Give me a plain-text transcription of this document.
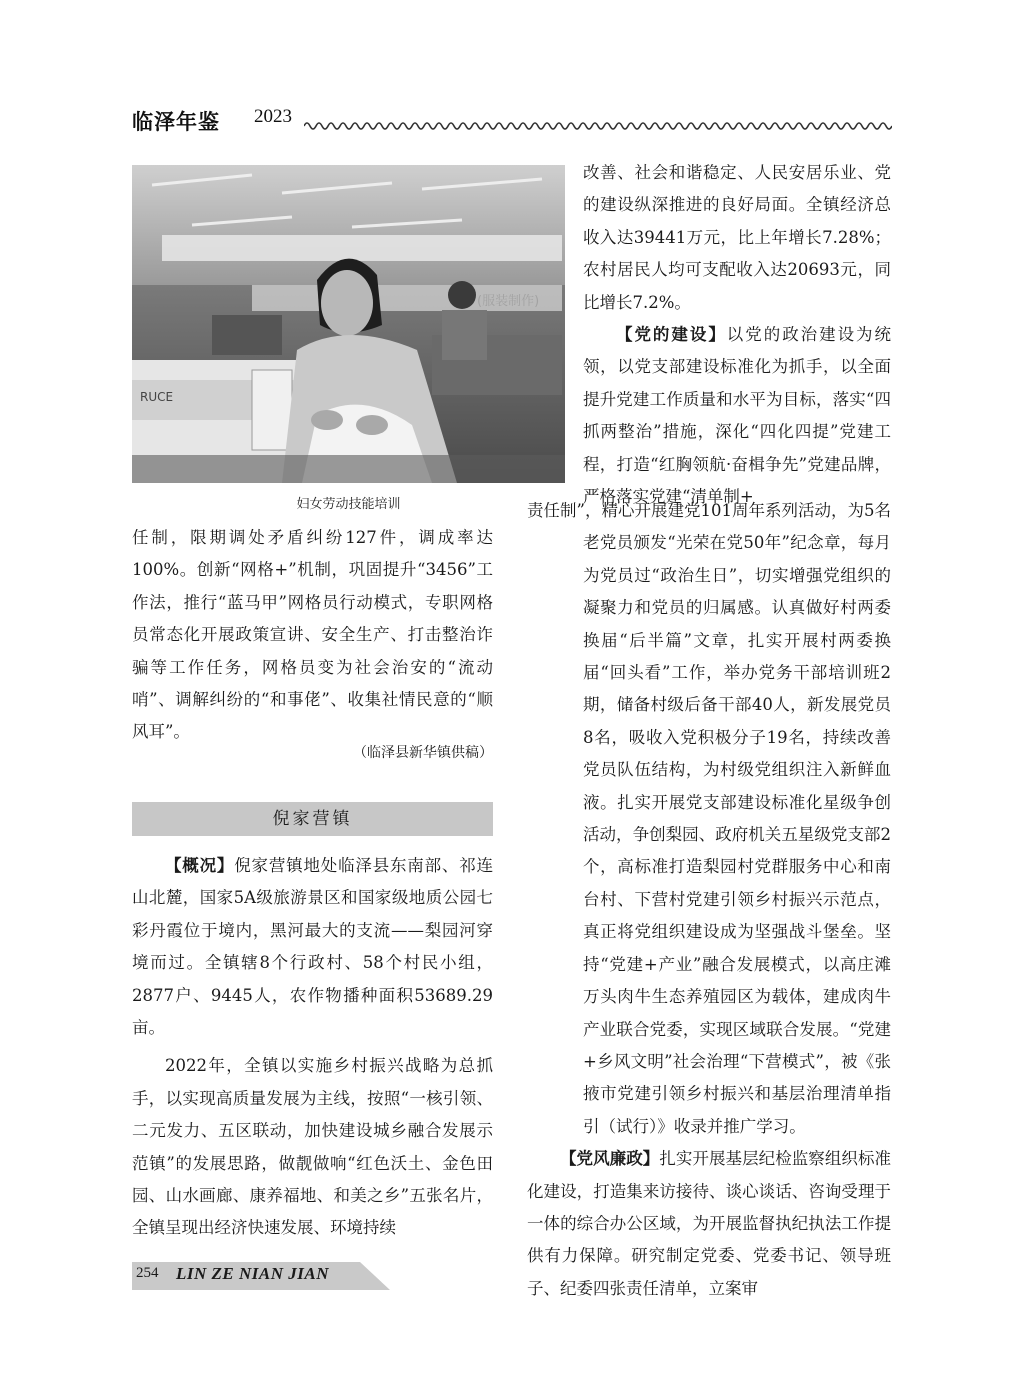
临泽年鉴 2023
RUCE
妇女劳动技能培训

任制，限期调处矛盾纠纷127件，调成率达100%。创新“网格+”机制，巩固提升“3456”工作法，推行“蓝马甲”网格员行动模式，专职网格员常态化开展政策宣讲、安全生产、打击整治诈骗等工作任务，网格员变为社会治安的“流动哨”、调解纠纷的“和事佬”、收集社情民意的“顺风耳”。

（临泽县新华镇供稿）
倪家营镇

【概况】倪家营镇地处临泽县东南部、祁连山北麓，国家5A级旅游景区和国家级地质公园七彩丹霞位于境内，黑河最大的支流——梨园河穿境而过。全镇辖8个行政村、58个村民小组，2877户、9445人，农作物播种面积53689.29亩。

2022年，全镇以实施乡村振兴战略为总抓手，以实现高质量发展为主线，按照“一核引领、二元发力、五区联动，加快建设城乡融合发展示范镇”的发展思路，做靓做响“红色沃土、金色田园、山水画廊、康养福地、和美之乡”五张名片，全镇呈现出经济快速发展、环境持续

改善、社会和谐稳定、人民安居乐业、党的建设纵深推进的良好局面。全镇经济总收入达39441万元，比上年增长7.28%；农村居民人均可支配收入达20693元，同比增长7.2%。

【党的建设】以党的政治建设为统领，以党支部建设标准化为抓手，以全面提升党建工作质量和水平为目标，落实“四抓两整治”措施，深化“四化四提”党建工程，打造“红胸领航·奋楫争先”党建品牌，严格落实党建“清单制+

责任制”，精心开展建党101周年系列活动，为5名老党员颁发“光荣在党50年”纪念章，每月为党员过“政治生日”，切实增强党组织的凝聚力和党员的归属感。认真做好村两委换届“后半篇”文章，扎实开展村两委换届“回头看”工作，举办党务干部培训班2期，储备村级后备干部40人，新发展党员8名，吸收入党积极分子19名，持续改善党员队伍结构，为村级党组织注入新鲜血液。扎实开展党支部建设标准化星级争创活动，争创梨园、政府机关五星级党支部2个，高标准打造梨园村党群服务中心和南台村、下营村党建引领乡村振兴示范点，真正将党组织建设成为坚强战斗堡垒。坚持“党建+产业”融合发展模式，以高庄滩万头肉牛生态养殖园区为载体，建成肉牛产业联合党委，实现区域联合发展。“党建+乡风文明”社会治理“下营模式”，被《张掖市党建引领乡村振兴和基层治理清单指引（试行）》收录并推广学习。

【党风廉政】扎实开展基层纪检监察组织标准化建设，打造集来访接待、谈心谈话、咨询受理于一体的综合办公区域，为开展监督执纪执法工作提供有力保障。研究制定党委、党委书记、领导班子、纪委四张责任清单，立案审

254 LIN ZE NIAN JIAN
